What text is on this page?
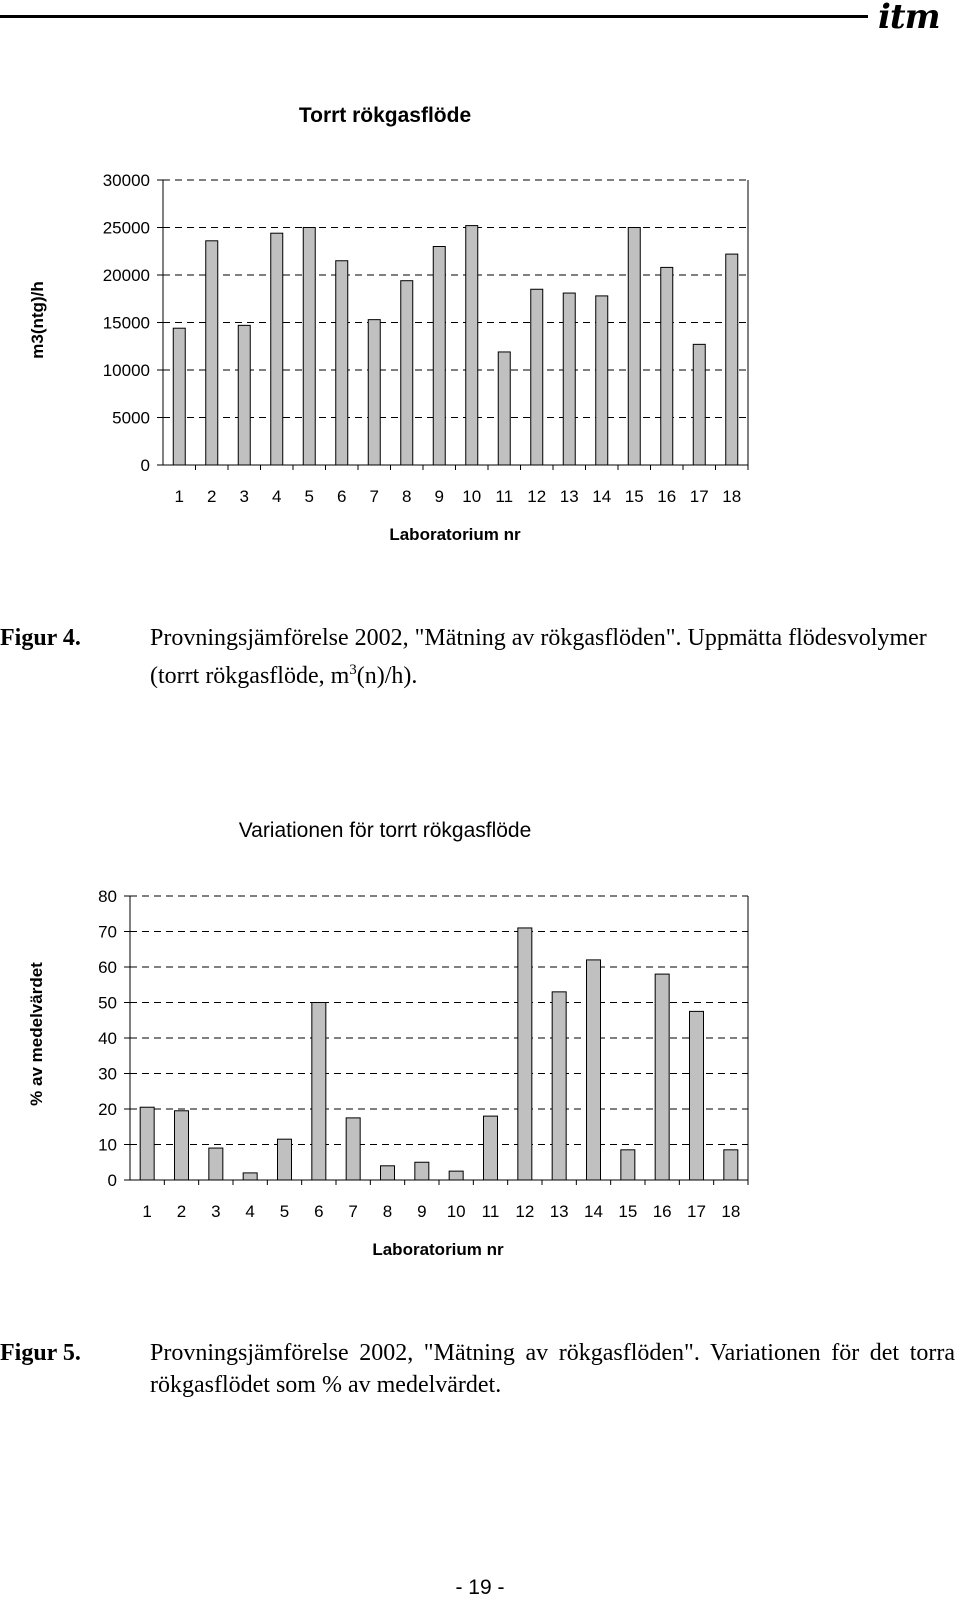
itm
Torrt rökgasflöde
30000
25000
20000
15000
10000
5000
0
1 2 3 4 5 6 7 8 9 10 11 12 13 14 15 16 17 18
Laboratorium nr
m3(ntg)/h
Figur 4.	Provningsjämförelse 2002, "Mätning av rökgasflöden". Uppmätta flödesvolymer (torrt rökgasflöde, $m^3(n)/h$).
Variationen för torrt rökgasflöde
80
70
60
50
40
30
20
10
0
1 2 3 4 5 6 7 8 9 10 11 12 13 14 15 16 17 18
Laboratorium nr
% av medelvärdet
Figur 5.	Provningsjämförelse 2002, "Mätning av rökgasflöden". Variationen för det torra rökgasflödet som % av medelvärdet.
- 19 -
